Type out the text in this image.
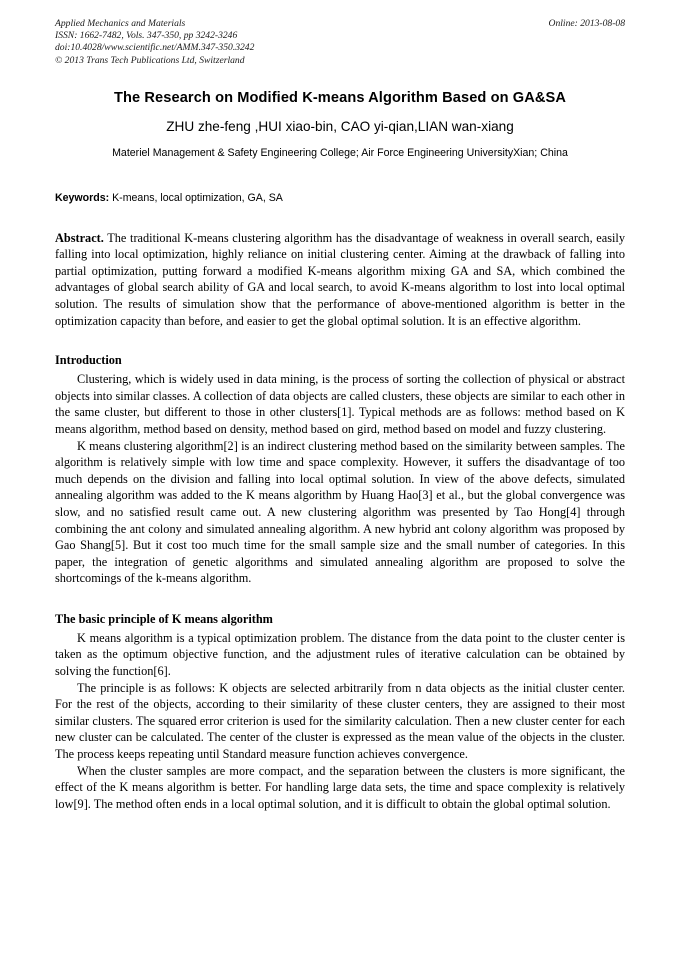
Applied Mechanics and Materials	Online: 2013-08-08
ISSN: 1662-7482, Vols. 347-350, pp 3242-3246
doi:10.4028/www.scientific.net/AMM.347-350.3242
© 2013 Trans Tech Publications Ltd, Switzerland
The Research on Modified K-means Algorithm Based on GA&SA
ZHU zhe-feng ,HUI xiao-bin, CAO yi-qian,LIAN wan-xiang
Materiel Management & Safety Engineering College; Air Force Engineering UniversityXian; China
Keywords: K-means, local optimization, GA, SA
Abstract. The traditional K-means clustering algorithm has the disadvantage of weakness in overall search, easily falling into local optimization, highly reliance on initial clustering center. Aiming at the drawback of falling into partial optimization, putting forward a modified K-means algorithm mixing GA and SA, which combined the advantages of global search ability of GA and local search, to avoid K-means algorithm to lost into local optimal solution. The results of simulation show that the performance of above-mentioned algorithm is better in the optimization capacity than before, and easier to get the global optimal solution. It is an effective algorithm.
Introduction

Clustering, which is widely used in data mining, is the process of sorting the collection of physical or abstract objects into similar classes. A collection of data objects are called clusters, these objects are similar to each other in the same cluster, but different to those in other clusters[1]. Typical methods are as follows: method based on K means algorithm, method based on density, method based on gird, method based on model and fuzzy clustering.

K means clustering algorithm[2] is an indirect clustering method based on the similarity between samples. The algorithm is relatively simple with low time and space complexity. However, it suffers the disadvantage of too much depends on the division and falling into local optimal solution. In view of the above defects, simulated annealing algorithm was added to the K means algorithm by Huang Hao[3] et al., but the global convergence was slow, and no satisfied result came out. A new clustering algorithm was presented by Tao Hong[4] through combining the ant colony and simulated annealing algorithm. A new hybrid ant colony algorithm was proposed by Gao Shang[5]. But it cost too much time for the small sample size and the small number of categories. In this paper, the integration of genetic algorithms and simulated annealing algorithm are proposed to solve the shortcomings of the k-means algorithm.

The basic principle of K means algorithm

K means algorithm is a typical optimization problem. The distance from the data point to the cluster center is taken as the optimum objective function, and the adjustment rules of iterative calculation can be obtained by solving the function[6].

The principle is as follows: K objects are selected arbitrarily from n data objects as the initial cluster center. For the rest of the objects, according to their similarity of these cluster centers, they are assigned to their most similar clusters. The squared error criterion is used for the similarity calculation. Then a new cluster center for each new cluster can be calculated. The center of the cluster is expressed as the mean value of the objects in the cluster. The process keeps repeating until Standard measure function achieves convergence.

When the cluster samples are more compact, and the separation between the clusters is more significant, the effect of the K means algorithm is better. For handling large data sets, the time and space complexity is relatively low[9]. The method often ends in a local optimal solution, and it is difficult to obtain the global optimal solution.
